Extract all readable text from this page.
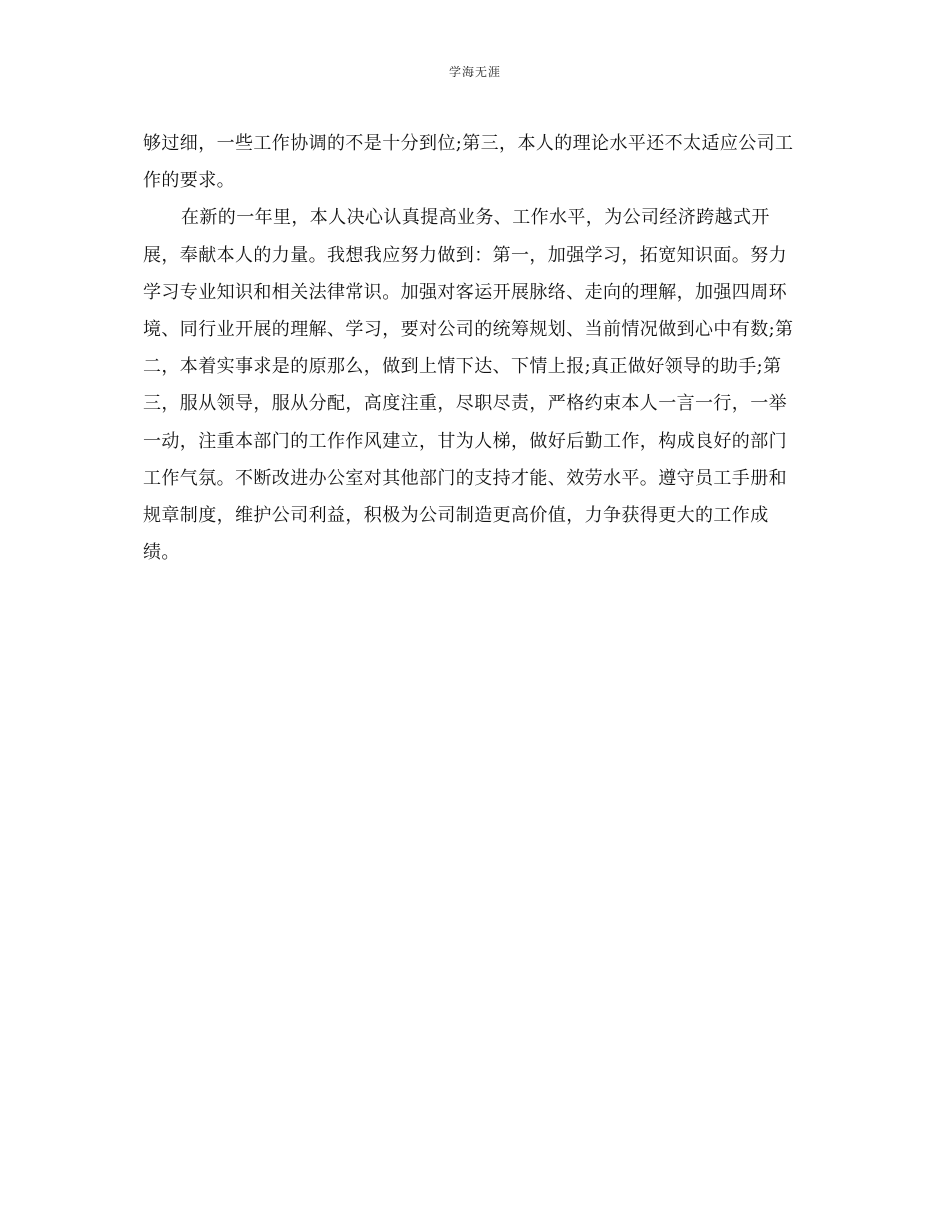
学海无涯
够过细，一些工作协调的不是十分到位;第三，本人的理论水平还不太适应公司工
作的要求。
在新的一年里，本人决心认真提高业务、工作水平，为公司经济跨越式开
展，奉献本人的力量。我想我应努力做到：第一，加强学习，拓宽知识面。努力
学习专业知识和相关法律常识。加强对客运开展脉络、走向的理解，加强四周环
境、同行业开展的理解、学习，要对公司的统筹规划、当前情况做到心中有数;第
二，本着实事求是的原那么，做到上情下达、下情上报;真正做好领导的助手;第
三，服从领导，服从分配，高度注重，尽职尽责，严格约束本人一言一行，一举
一动，注重本部门的工作作风建立，甘为人梯，做好后勤工作，构成良好的部门
工作气氛。不断改进办公室对其他部门的支持才能、效劳水平。遵守员工手册和
规章制度，维护公司利益，积极为公司制造更高价值，力争获得更大的工作成
绩。
